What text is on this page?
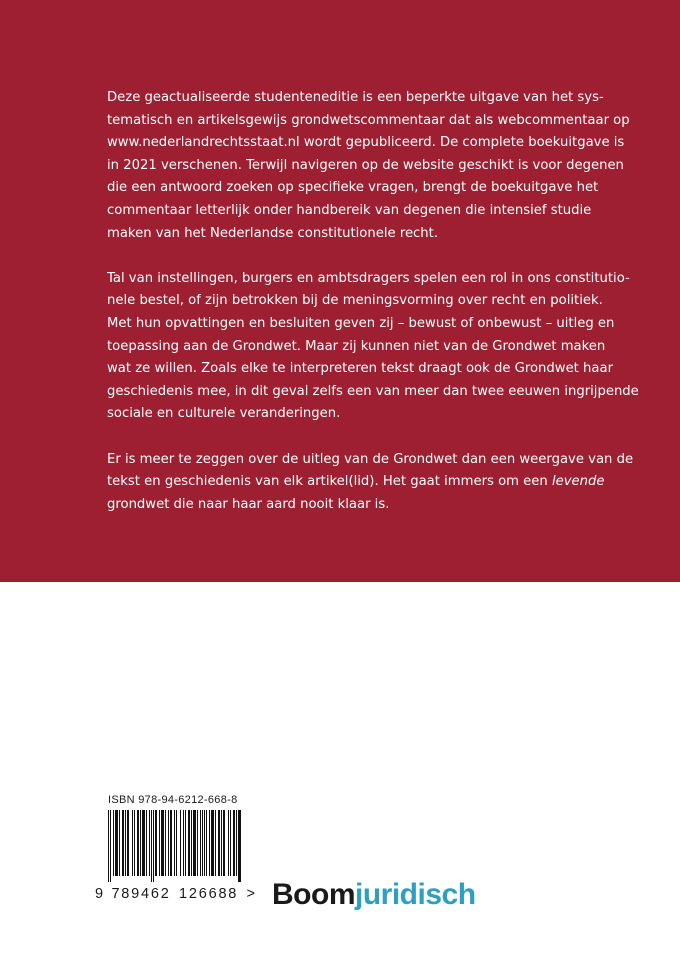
Deze geactualiseerde studenteneditie is een beperkte uitgave van het sys-
tematisch en artikelsgewijs grondwetscommentaar dat als webcommentaar op
www.nederlandrechtsstaat.nl wordt gepubliceerd. De complete boekuitgave is
in 2021 verschenen. Terwijl navigeren op de website geschikt is voor degenen
die een antwoord zoeken op specifieke vragen, brengt de boekuitgave het
commentaar letterlijk onder handbereik van degenen die intensief studie
maken van het Nederlandse constitutionele recht.

Tal van instellingen, burgers en ambtsdragers spelen een rol in ons constitutio-
nele bestel, of zijn betrokken bij de meningsvorming over recht en politiek.
Met hun opvattingen en besluiten geven zij – bewust of onbewust – uitleg en
toepassing aan de Grondwet. Maar zij kunnen niet van de Grondwet maken
wat ze willen. Zoals elke te interpreteren tekst draagt ook de Grondwet haar
geschiedenis mee, in dit geval zelfs een van meer dan twee eeuwen ingrijpende
sociale en culturele veranderingen.

Er is meer te zeggen over de uitleg van de Grondwet dan een weergave van de
tekst en geschiedenis van elk artikel(lid). Het gaat immers om een levende
grondwet die naar haar aard nooit klaar is.

ISBN 978-94-6212-668-8
9 789462 126688 > Boomjuridisch
